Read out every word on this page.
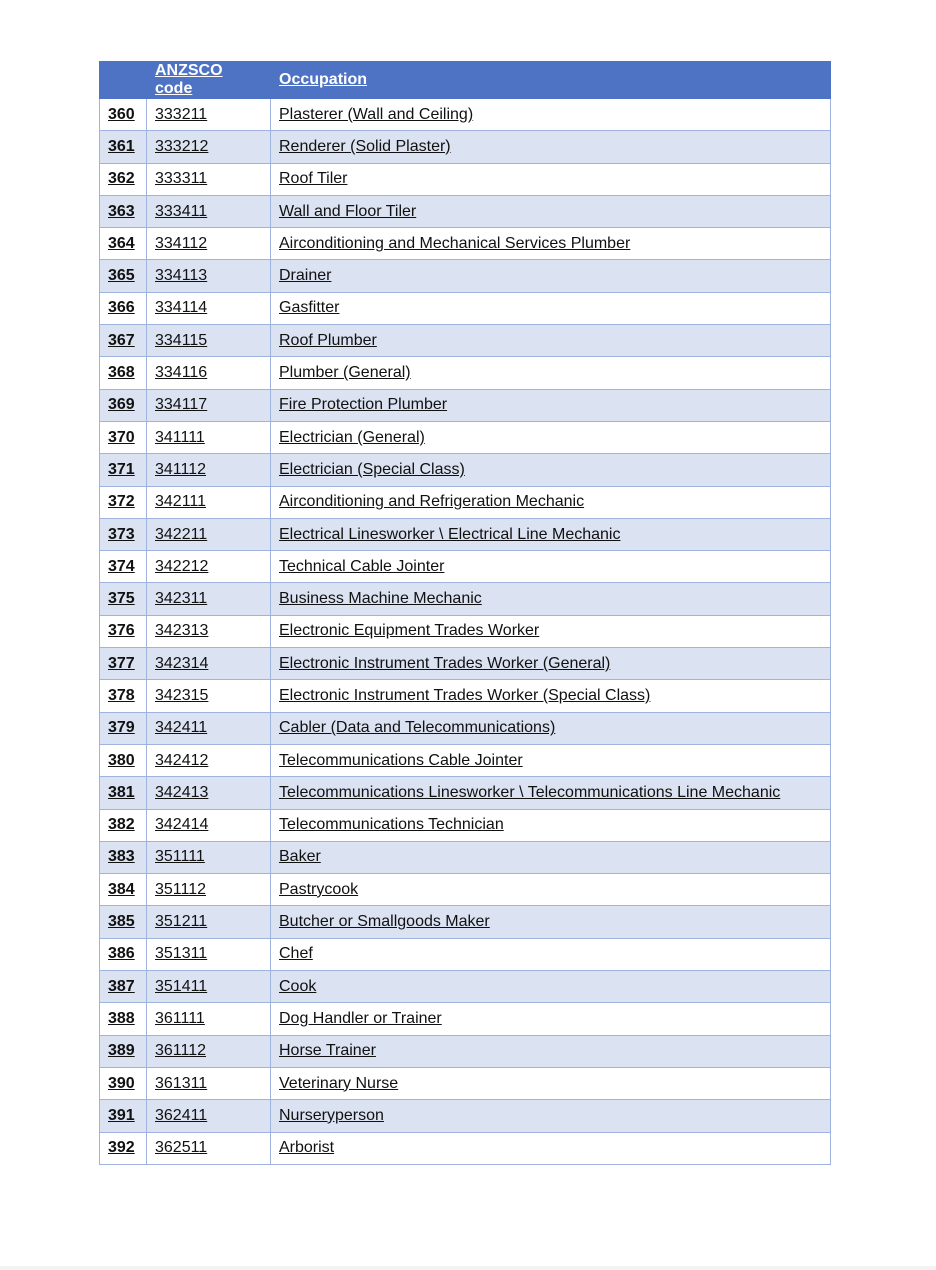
	ANZSCO code	Occupation
360	333211	Plasterer (Wall and Ceiling)
361	333212	Renderer (Solid Plaster)
362	333311	Roof Tiler
363	333411	Wall and Floor Tiler
364	334112	Airconditioning and Mechanical Services Plumber
365	334113	Drainer
366	334114	Gasfitter
367	334115	Roof Plumber
368	334116	Plumber (General)
369	334117	Fire Protection Plumber
370	341111	Electrician (General)
371	341112	Electrician (Special Class)
372	342111	Airconditioning and Refrigeration Mechanic
373	342211	Electrical Linesworker \ Electrical Line Mechanic
374	342212	Technical Cable Jointer
375	342311	Business Machine Mechanic
376	342313	Electronic Equipment Trades Worker
377	342314	Electronic Instrument Trades Worker (General)
378	342315	Electronic Instrument Trades Worker (Special Class)
379	342411	Cabler (Data and Telecommunications)
380	342412	Telecommunications Cable Jointer
381	342413	Telecommunications Linesworker \ Telecommunications Line Mechanic
382	342414	Telecommunications Technician
383	351111	Baker
384	351112	Pastrycook
385	351211	Butcher or Smallgoods Maker
386	351311	Chef
387	351411	Cook
388	361111	Dog Handler or Trainer
389	361112	Horse Trainer
390	361311	Veterinary Nurse
391	362411	Nurseryperson
392	362511	Arborist
